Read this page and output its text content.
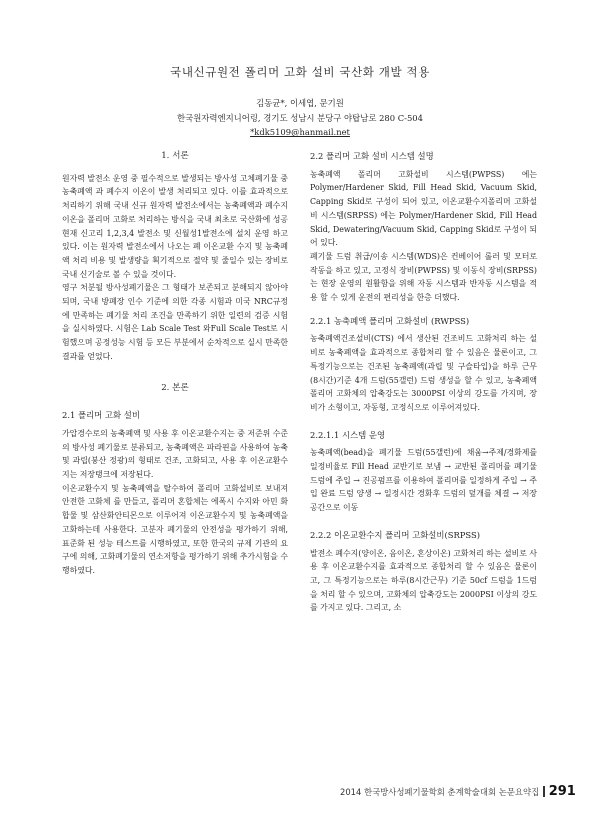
국내신규원전 폴리머 고화 설비 국산화 개발 적용
김동균*, 이세엽, 문기원
한국원자력엔지니어링, 경기도 성남시 분당구 야탑남로 280 C-504
*kdk5109@hanmail.net
1. 서론

원자력 발전소 운영 중 필수적으로 발생되는 방사성 고체폐기물 중 농축폐액 과 폐수지 이온이 발생 처리되고 있다. 이를 효과적으로 처리하기 위해 국내 신규 원자력 발전소에서는 농축폐액과 폐수지 이온을 폴리머 고화로 처리하는 방식을 국내 최초로 국산화에 성공 현재 신고리 1,2,3,4 발전소 및 신월성1발전소에 설치 운영 하고 있다. 이는 원자력 발전소에서 나오는 폐 이온교환 수지 및 농축폐액 처리 비용 및 발생량을 획기적으로 절약 및 줄일수 있는 장비로 국내 신기술로 볼 수 있을 것이다.

영구 처분될 방사성폐기물은 그 형태가 보존되고 분해되지 않아야 되며, 국내 방폐장 인수 기준에 의한 각종 시험과 미국 NRC규정에 만족하는 폐기물 처리 조건을 만족하기 위한 일련의 검증 시험을 실시하였다. 시험은 Lab Scale Test 와Full Scale Test로 시험했으며 공정성능 시험 등 모든 부분에서 순차적으로 실시 만족한 결과를 얻었다.

2. 본론
2.1 폴리머 고화 설비

가압경수로의 농축폐액 및 사용 후 이온교환수지는 중 저준위 수준의 방사성 폐기물로 분류되고, 농축폐액은 파라핀을 사용하여 농축 및 과립(붕산 정광)의 형태로 건조, 고화되고, 사용 후 이온교환수지는 저장탱크에 저장된다.

이온교환수지 및 농축폐액을 탈수하여 폴리머 고화설비로 보내져 안전한 고화체 를 만들고, 폴리머 혼합체는 에폭시 수지와 아민 화합물 및 삼산화안티몬으로 이루어져 이온교환수지 및 농축폐액을 고화하는데 사용한다. 고분자 폐기물의 안전성을 평가하기 위해, 표준화 된 성능 테스트를 시행하였고, 또한 한국의 규제 기관의 요구에 의해, 고화폐기물의 연소저항을 평가하기 위해 추가시험을 수행하였다.

2.2 폴리머 고화 설비 시스템 설명

농축폐액 폴리머 고화설비 시스템(PWPSS) 에는 Polymer/Hardener Skid, Fill Head Skid, Vacuum Skid, Capping Skid로 구성이 되어 있고, 이온교환수지폴리머 고화설비 시스템(SRPSS) 에는 Polymer/Hardener Skid, Fill Head Skid, Dewatering/Vacuum Skid, Capping Skid로 구성이 되어 있다.

폐기물 드럼 취급/이송 시스템(WDS)은 컨베이어 롤러 및 모터로 작동을 하고 있고, 고정식 장비(PWPSS) 및 이동식 장비(SRPSS)는 현장 운영의 원활함을 위해 자동 시스템과 반자동 시스템을 적용 할 수 있게 운전의 편리성을 한층 더했다.

2.2.1 농축폐액 폴리머 고화설비 (RWPSS)

농축폐액건조설비(CTS) 에서 생산된 건조비드 고화처리 하는 설비로 농축폐액을 효과적으로 종합처리 할 수 있음은 물론이고, 그 특정기능으로는 건조된 농축폐액(과립 및 구슬타입)을 하루 근무(8시간)기준 4개 드럼(55갤런) 드럼 생성을 할 수 있고, 농축폐액 폴리머 고화체의 압축강도는 3000PSI 이상의 강도를 가지며, 장비가 소형이고, 자동형, 고정식으로 이루어져있다.

2.2.1.1 시스템 운영

농축폐액(bead)을 폐기물 드럼(55갤런)에 채움→주제/경화제를 일정비율로 Fill Head 교반기로 보냄 → 교반된 폴리머를 폐기물 드럼에 주입 → 진공펌프를 이용하여 폴리머를 일정하게 주입 → 주입 완료 드럼 양생 → 일정시간 경화후 드럼의 덮개를 체결 → 저장 공간으로 이동

2.2.2 이온교환수지 폴리머 고화설비(SRPSS)

발전소 폐수지(양이온, 음이온, 혼상이온) 고화처리 하는 설비로 사용 후 이온교환수지를 효과적으로 종합처리 할 수 있음은 물론이고, 그 특정기능으로는 하루(8시간근무) 기준 50cf 드럼을 1드럼을 처리 할 수 있으며, 고화체의 압축강도는 2000PSI 이상의 강도를 가지고 있다. 그리고, 소

2014 한국방사성폐기물학회 춘계학술대회 논문요약집 291
